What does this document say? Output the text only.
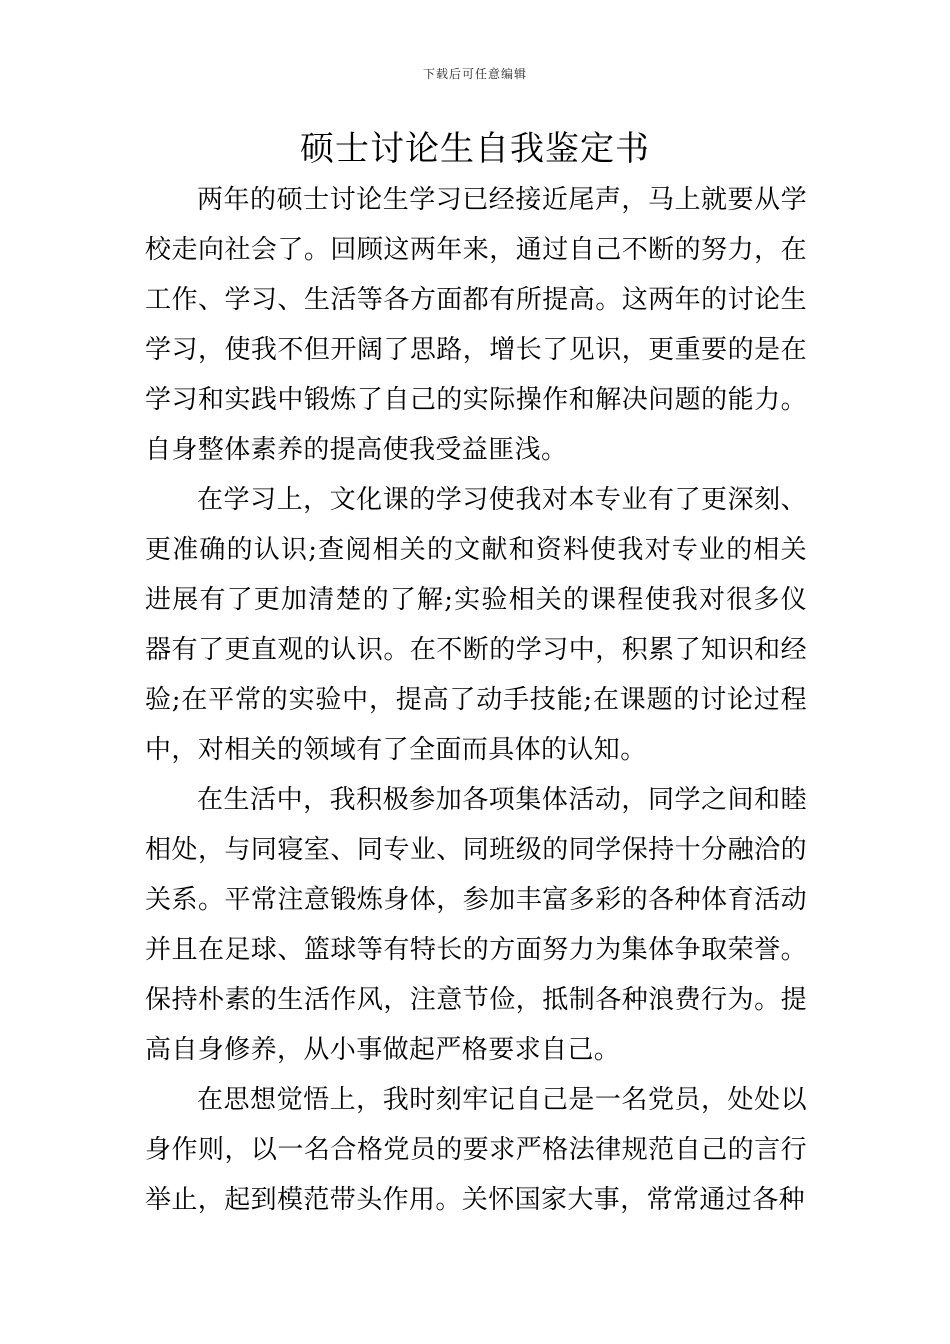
下载后可任意编辑
硕士讨论生自我鉴定书

两年的硕士讨论生学习已经接近尾声，马上就要从学校走向社会了。回顾这两年来，通过自己不断的努力，在工作、学习、生活等各方面都有所提高。这两年的讨论生学习，使我不但开阔了思路，增长了见识，更重要的是在学习和实践中锻炼了自己的实际操作和解决问题的能力。自身整体素养的提高使我受益匪浅。

在学习上，文化课的学习使我对本专业有了更深刻、更准确的认识;查阅相关的文献和资料使我对专业的相关进展有了更加清楚的了解;实验相关的课程使我对很多仪器有了更直观的认识。在不断的学习中，积累了知识和经验;在平常的实验中，提高了动手技能;在课题的讨论过程中，对相关的领域有了全面而具体的认知。

在生活中，我积极参加各项集体活动，同学之间和睦相处，与同寝室、同专业、同班级的同学保持十分融洽的关系。平常注意锻炼身体，参加丰富多彩的各种体育活动并且在足球、篮球等有特长的方面努力为集体争取荣誉。保持朴素的生活作风，注意节俭，抵制各种浪费行为。提高自身修养，从小事做起严格要求自己。

在思想觉悟上，我时刻牢记自己是一名党员，处处以身作则，以一名合格党员的要求严格法律规范自己的言行举止，起到模范带头作用。关怀国家大事，常常通过各种
